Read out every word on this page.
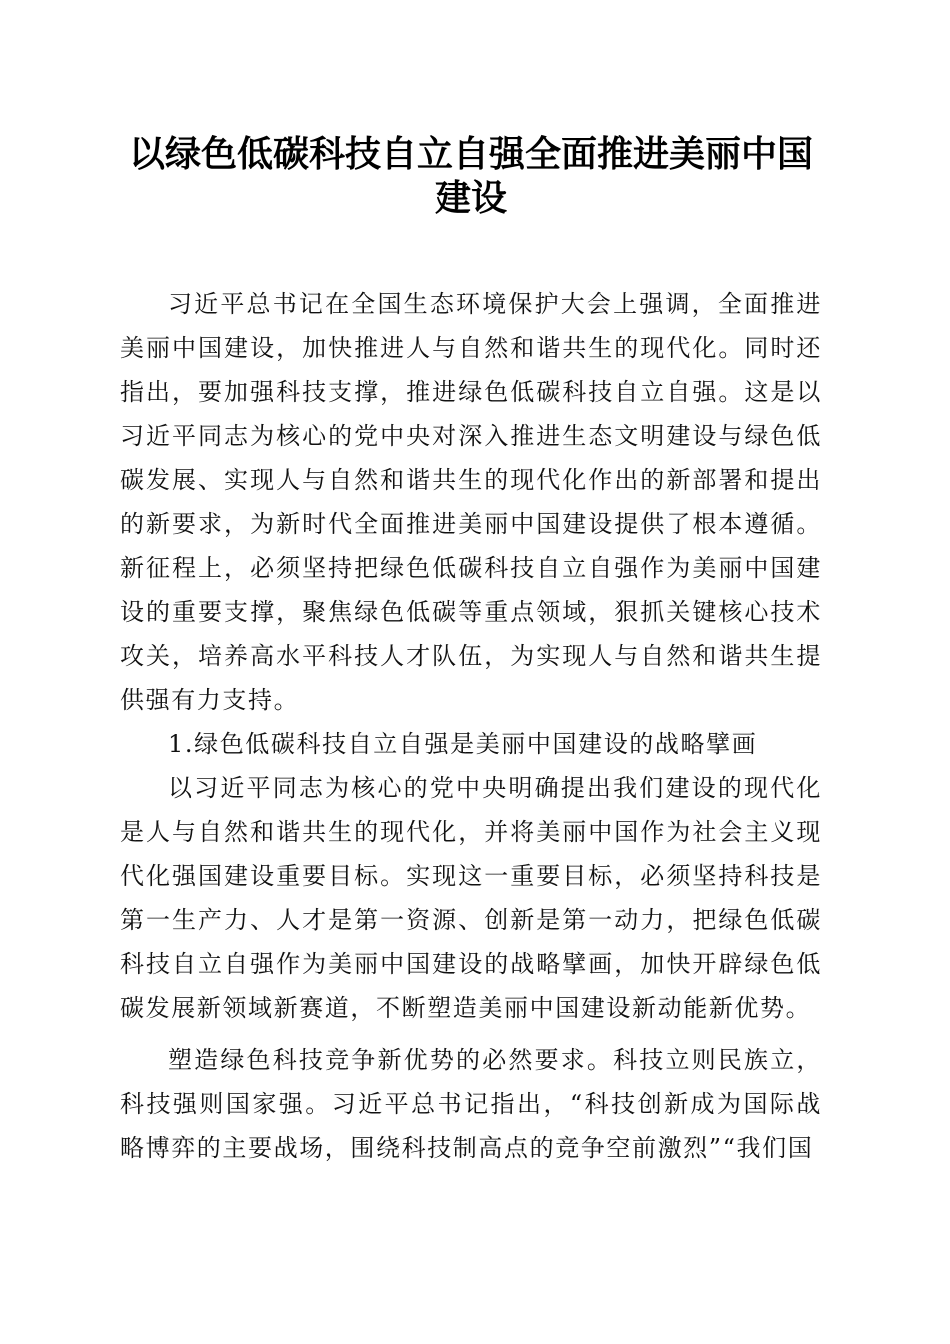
以绿色低碳科技自立自强全面推进美丽中国建设

习近平总书记在全国生态环境保护大会上强调，全面推进美丽中国建设，加快推进人与自然和谐共生的现代化。同时还指出，要加强科技支撑，推进绿色低碳科技自立自强。这是以习近平同志为核心的党中央对深入推进生态文明建设与绿色低碳发展、实现人与自然和谐共生的现代化作出的新部署和提出的新要求，为新时代全面推进美丽中国建设提供了根本遵循。新征程上，必须坚持把绿色低碳科技自立自强作为美丽中国建设的重要支撑，聚焦绿色低碳等重点领域，狠抓关键核心技术攻关，培养高水平科技人才队伍，为实现人与自然和谐共生提供强有力支持。

1.绿色低碳科技自立自强是美丽中国建设的战略擘画

以习近平同志为核心的党中央明确提出我们建设的现代化是人与自然和谐共生的现代化，并将美丽中国作为社会主义现代化强国建设重要目标。实现这一重要目标，必须坚持科技是第一生产力、人才是第一资源、创新是第一动力，把绿色低碳科技自立自强作为美丽中国建设的战略擘画，加快开辟绿色低碳发展新领域新赛道，不断塑造美丽中国建设新动能新优势。

塑造绿色科技竞争新优势的必然要求。科技立则民族立，科技强则国家强。习近平总书记指出，“科技创新成为国际战略博弈的主要战场，围绕科技制高点的竞争空前激烈”“我们国
